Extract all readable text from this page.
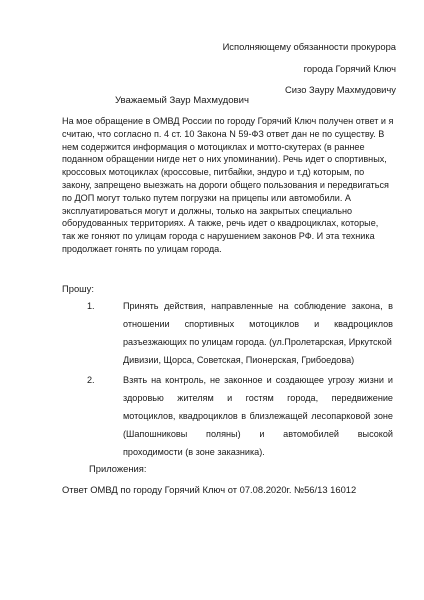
Исполняющему обязанности прокурора
города Горячий Ключ
Сизо Зауру Махмудовичу
Уважаемый Заур Махмудович
На мое обращение в ОМВД России по городу Горячий Ключ получен ответ и я
считаю, что согласно п. 4 ст. 10 Закона N 59-ФЗ ответ дан не по существу. В
нем содержится информация о мотоциклах и мотто-скутерах (в раннее
поданном обращении нигде нет о них упоминании). Речь идет о спортивных,
кроссовых мотоциклах (кроссовые, питбайки, эндуро и т.д) которым, по
закону, запрещено выезжать на дороги общего пользования и передвигаться
по ДОП могут только путем погрузки на прицепы или автомобили. А
эксплуатироваться могут и должны, только на закрытых специально
оборудованных территориях. А также, речь идет о квадроциклах, которые,
так же гоняют по улицам города с нарушением законов РФ. И эта техника
продолжает гонять по улицам города.
Прошу:
1.	Принять действия, направленные на соблюдение закона, в
отношении спортивных мотоциклов и квадроциклов
разъезжающих по улицам города. (ул.Пролетарская, Иркутской
Дивизии, Щорса, Советская, Пионерская, Грибоедова)
2.	Взять на контроль, не законное и создающее угрозу жизни и
здоровью жителям и гостям города, передвижение
мотоциклов, квадроциклов в близлежащей лесопарковой зоне
(Шапошниковы поляны) и автомобилей высокой
проходимости (в зоне заказника).
Приложения:
Ответ ОМВД по городу Горячий Ключ от 07.08.2020г. №56/13 16012
